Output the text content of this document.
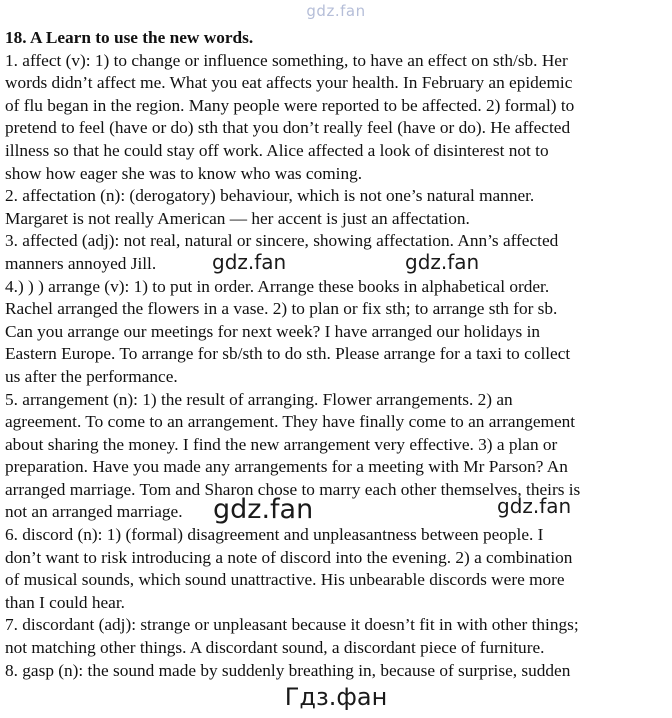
gdz.fan
18. A Learn to use the new words.
1. affect (v): 1) to change or influence something, to have an effect on sth/sb. Her
words didn’t affect me. What you eat affects your health. In February an epidemic
of flu began in the region. Many people were reported to be affected. 2) formal) to
pretend to feel (have or do) sth that you don’t really feel (have or do). He affected
illness so that he could stay off work. Alice affected a look of disinterest not to
show how eager she was to know who was coming.
2. affectation (n): (derogatory) behaviour, which is not one’s natural manner.
Margaret is not really American — her accent is just an affectation.
3. affected (adj): not real, natural or sincere, showing affectation. Ann’s affected
manners annoyed Jill.
4.) ) ) arrange (v): 1) to put in order. Arrange these books in alphabetical order.
Rachel arranged the flowers in a vase. 2) to plan or fix sth; to arrange sth for sb.
Can you arrange our meetings for next week? I have arranged our holidays in
Eastern Europe. To arrange for sb/sth to do sth. Please arrange for a taxi to collect
us after the performance.
5. arrangement (n): 1) the result of arranging. Flower arrangements. 2) an
agreement. To come to an arrangement. They have finally come to an arrangement
about sharing the money. I find the new arrangement very effective. 3) a plan or
preparation. Have you made any arrangements for a meeting with Mr Parson? An
arranged marriage. Tom and Sharon chose to marry each other themselves, theirs is
not an arranged marriage.
6. discord (n): 1) (formal) disagreement and unpleasantness between people. I
don’t want to risk introducing a note of discord into the evening. 2) a combination
of musical sounds, which sound unattractive. His unbearable discords were more
than I could hear.
7. discordant (adj): strange or unpleasant because it doesn’t fit in with other things;
not matching other things. A discordant sound, a discordant piece of furniture.
8. gasp (n): the sound made by suddenly breathing in, because of surprise, sudden
gdz.fan	gdz.fan
gdz.fan	gdz.fan
Гдз.фан
